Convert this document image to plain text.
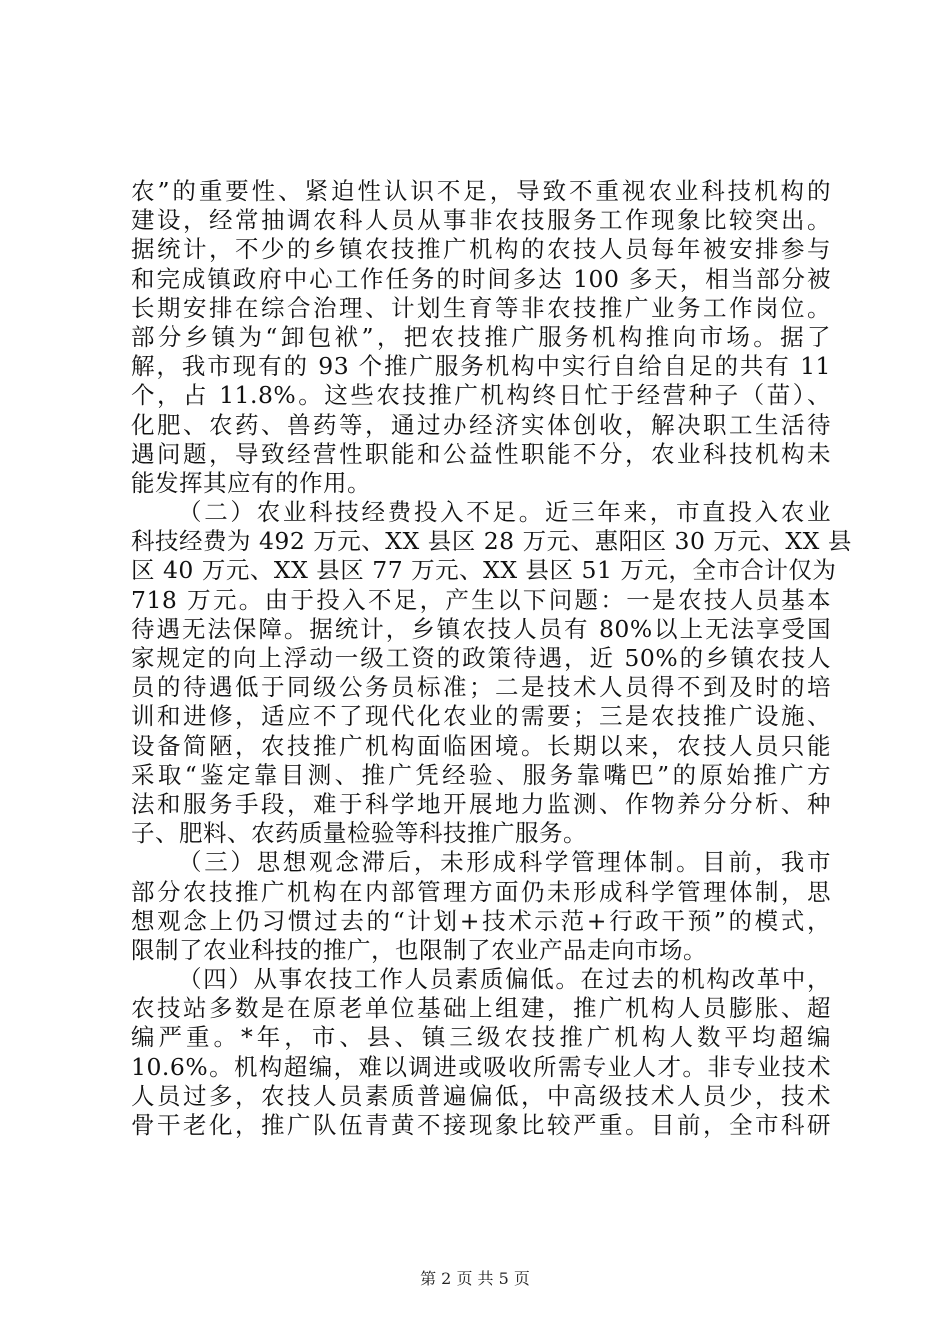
农”的重要性、紧迫性认识不足，导致不重视农业科技机构的
建设，经常抽调农科人员从事非农技服务工作现象比较突出。
据统计，不少的乡镇农技推广机构的农技人员每年被安排参与
和完成镇政府中心工作任务的时间多达 100 多天，相当部分被
长期安排在综合治理、计划生育等非农技推广业务工作岗位。
部分乡镇为“卸包袱”，把农技推广服务机构推向市场。据了
解，我市现有的 93 个推广服务机构中实行自给自足的共有 11
个，占 11.8%。这些农技推广机构终日忙于经营种子（苗）、
化肥、农药、兽药等，通过办经济实体创收，解决职工生活待
遇问题，导致经营性职能和公益性职能不分，农业科技机构未
能发挥其应有的作用。
（二）农业科技经费投入不足。近三年来，市直投入农业
科技经费为 492 万元、XX 县区 28 万元、惠阳区 30 万元、XX 县
区 40 万元、XX 县区 77 万元、XX 县区 51 万元，全市合计仅为
718 万元。由于投入不足，产生以下问题：一是农技人员基本
待遇无法保障。据统计，乡镇农技人员有 80%以上无法享受国
家规定的向上浮动一级工资的政策待遇，近 50%的乡镇农技人
员的待遇低于同级公务员标准；二是技术人员得不到及时的培
训和进修，适应不了现代化农业的需要；三是农技推广设施、
设备简陋，农技推广机构面临困境。长期以来，农技人员只能
采取“鉴定靠目测、推广凭经验、服务靠嘴巴”的原始推广方
法和服务手段，难于科学地开展地力监测、作物养分分析、种
子、肥料、农药质量检验等科技推广服务。
（三）思想观念滞后，未形成科学管理体制。目前，我市
部分农技推广机构在内部管理方面仍未形成科学管理体制，思
想观念上仍习惯过去的“计划+技术示范+行政干预”的模式，
限制了农业科技的推广，也限制了农业产品走向市场。
（四）从事农技工作人员素质偏低。在过去的机构改革中，
农技站多数是在原老单位基础上组建，推广机构人员膨胀、超
编严重。*年，市、县、镇三级农技推广机构人数平均超编
10.6%。机构超编，难以调进或吸收所需专业人才。非专业技术
人员过多，农技人员素质普遍偏低，中高级技术人员少，技术
骨干老化，推广队伍青黄不接现象比较严重。目前，全市科研
第 2 页 共 5 页
